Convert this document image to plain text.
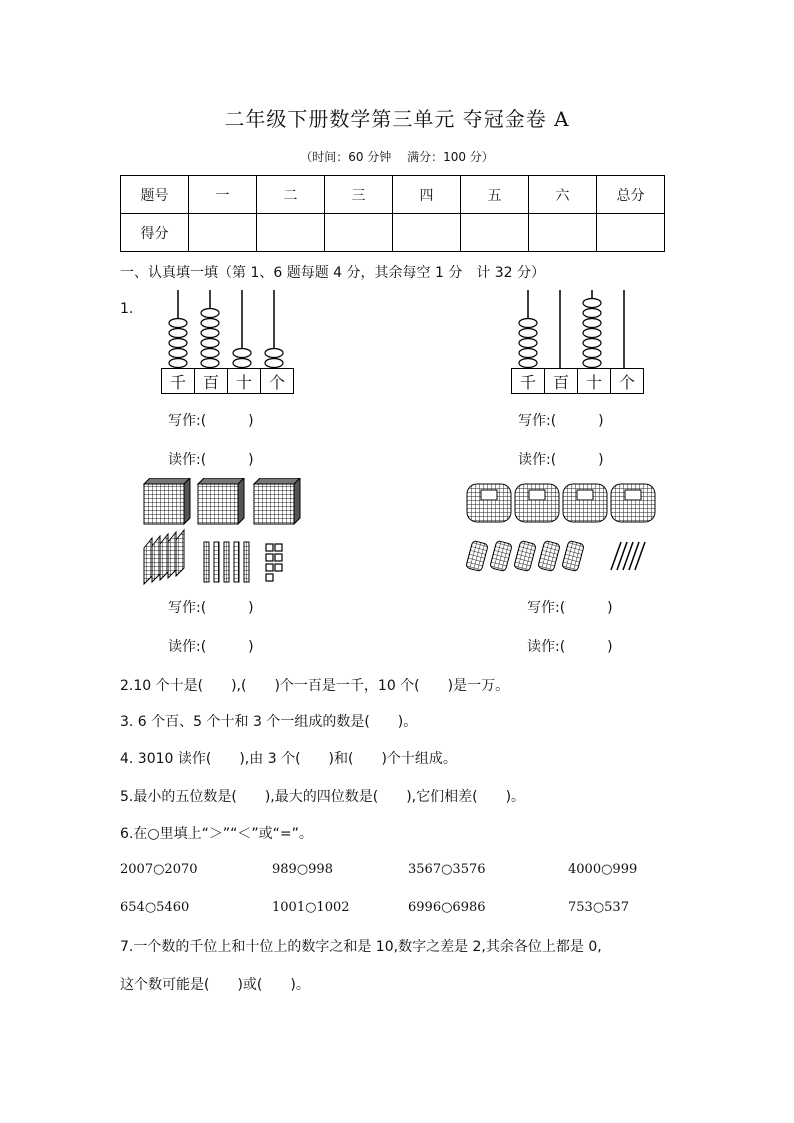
二年级下册数学第三单元 夺冠金卷 A
（时间：60 分钟　 满分：100 分）
题号	一	二	三	四	五	六	总分
得分							
一、认真填一填（第 1、6 题每题 4 分，其余每空 1 分　计 32 分）
1.
千	百	十	个	千	百	十	个
写作:(　　　)
读作:(　　　)
写作:(　　　)
读作:(　　　)
写作:(　　　)
读作:(　　　)
写作:(　　　)
读作:(　　　)
2.10 个十是(　　),(　　)个一百是一千，10 个(　　)是一万。
3. 6 个百、5 个十和 3 个一组成的数是(　　)。
4. 3010 读作(　　),由 3 个(　　)和(　　)个十组成。
5.最小的五位数是(　　),最大的四位数是(　　),它们相差(　　)。
6.在○里填上“＞”“＜”或“=”。
2007○2070	989○998	3567○3576	4000○999
654○5460	1001○1002	6996○6986	753○537
7.一个数的千位上和十位上的数字之和是 10,数字之差是 2,其余各位上都是 0,
这个数可能是(　　)或(　　)。
